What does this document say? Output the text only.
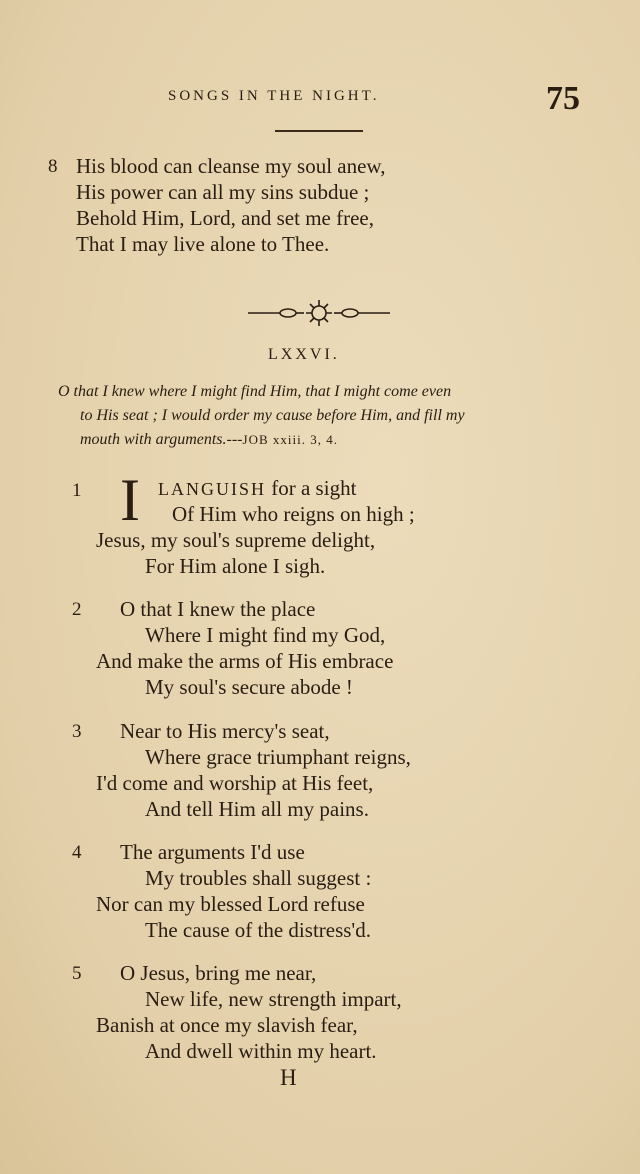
SONGS IN THE NIGHT.	75
8 His blood can cleanse my soul anew,
His power can all my sins subdue ;
Behold Him, Lord, and set me free,
That I may live alone to Thee.
LXXVI.
O that I knew where I might find Him, that I might come even
to His seat ; I would order my cause before Him, and fill my
mouth with arguments.---JOB xxiii. 3, 4.
1 I LANGUISH for a sight
Of Him who reigns on high ;
Jesus, my soul's supreme delight,
For Him alone I sigh.
2 O that I knew the place
Where I might find my God,
And make the arms of His embrace
My soul's secure abode !
3 Near to His mercy's seat,
Where grace triumphant reigns,
I'd come and worship at His feet,
And tell Him all my pains.
4 The arguments I'd use
My troubles shall suggest :
Nor can my blessed Lord refuse
The cause of the distress'd.
5 O Jesus, bring me near,
New life, new strength impart,
Banish at once my slavish fear,
And dwell within my heart.
H
